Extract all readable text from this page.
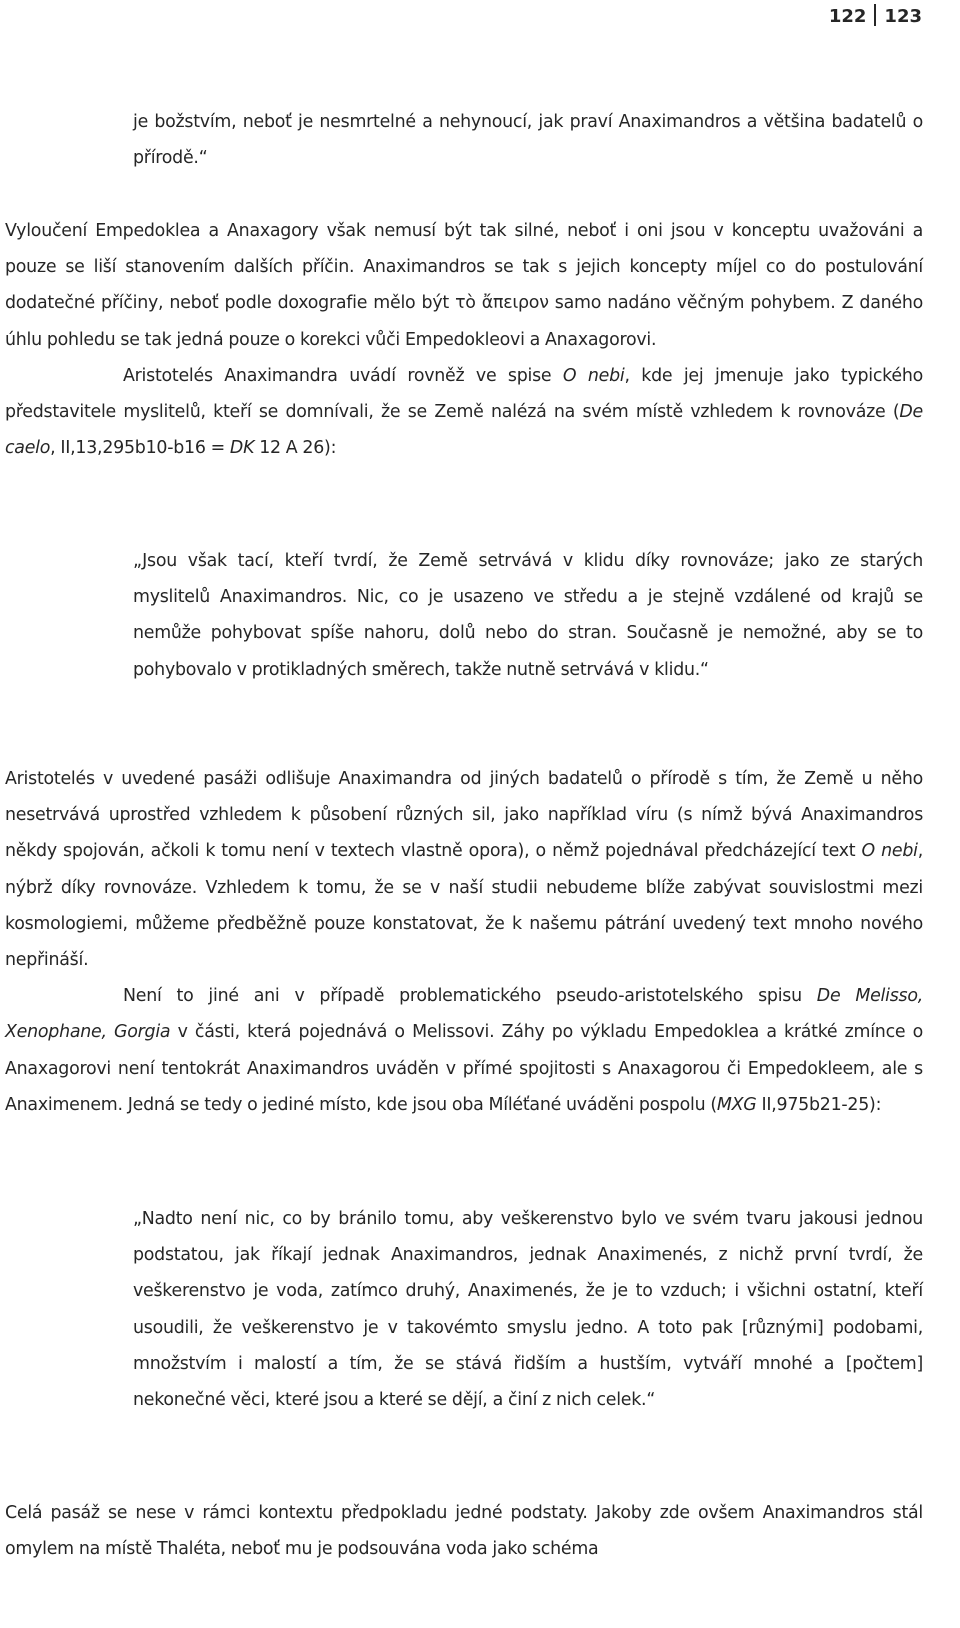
122 123

je božstvím, neboť je nesmrtelné a nehynoucí, jak praví Anaximandros a většina badatelů o přírodě.“

Vyloučení Empedoklea a Anaxagory však nemusí být tak silné, neboť i oni jsou v konceptu uvažováni a pouze se liší stanovením dalších příčin. Anaximandros se tak s jejich koncepty míjel co do postulování dodatečné příčiny, neboť podle doxografie mělo být τὸ ἄπειρον samo nadáno věčným pohybem. Z daného úhlu pohledu se tak jedná pouze o korekci vůči Empedokleovi a Anaxagorovi.
Aristotelés Anaximandra uvádí rovněž ve spise O nebi, kde jej jmenuje jako typického představitele myslitelů, kteří se domnívali, že se Země nalézá na svém místě vzhledem k rovnováze (De caelo, II,13,295b10-b16 = DK 12 A 26):

„Jsou však tací, kteří tvrdí, že Země setrvává v klidu díky rovnováze; jako ze starých myslitelů Anaximandros. Nic, co je usazeno ve středu a je stejně vzdálené od krajů se nemůže pohybovat spíše nahoru, dolů nebo do stran. Současně je nemožné, aby se to pohybovalo v protikladných směrech, takže nutně setrvává v klidu.“

Aristotelés v uvedené pasáži odlišuje Anaximandra od jiných badatelů o přírodě s tím, že Země u něho nesetrvává uprostřed vzhledem k působení různých sil, jako například víru (s nímž bývá Anaximandros někdy spojován, ačkoli k tomu není v textech vlastně opora), o němž pojednával předcházející text O nebi, nýbrž díky rovnováze. Vzhledem k tomu, že se v naší studii nebudeme blíže zabývat souvislostmi mezi kosmologiemi, můžeme předběžně pouze konstatovat, že k našemu pátrání uvedený text mnoho nového nepřináší.
Není to jiné ani v případě problematického pseudo-aristotelského spisu De Melisso, Xenophane, Gorgia v části, která pojednává o Melissovi. Záhy po výkladu Empedoklea a krátké zmínce o Anaxagorovi není tentokrát Anaximandros uváděn v přímé spojitosti s Anaxagorou či Empedokleem, ale s Anaximenem. Jedná se tedy o jediné místo, kde jsou oba Míléťané uváděni pospolu (MXG II,975b21-25):

„Nadto není nic, co by bránilo tomu, aby veškerenstvo bylo ve svém tvaru jakousi jednou podstatou, jak říkají jednak Anaximandros, jednak Anaximenés, z nichž první tvrdí, že veškerenstvo je voda, zatímco druhý, Anaximenés, že je to vzduch; i všichni ostatní, kteří usoudili, že veškerenstvo je v takovémto smyslu jedno. A toto pak [různými] podobami, množstvím i malostí a tím, že se stává řidším a hustším, vytváří mnohé a [počtem] nekonečné věci, které jsou a které se dějí, a činí z nich celek.“

Celá pasáž se nese v rámci kontextu předpokladu jedné podstaty. Jakoby zde ovšem Anaximandros stál omylem na místě Thaléta, neboť mu je podsouvána voda jako schéma
